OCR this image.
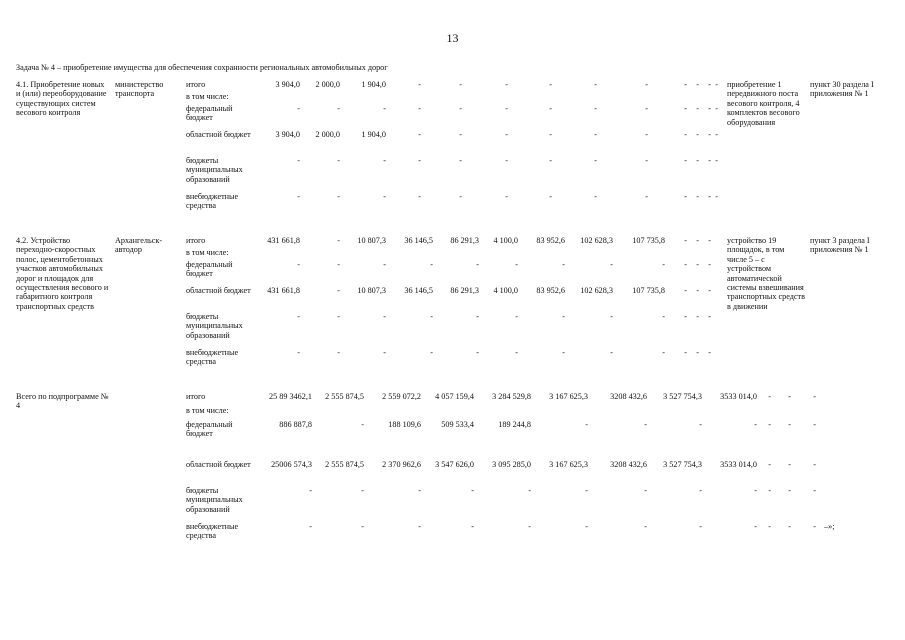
13
Задача № 4 – приобретение имущества для обеспечения сохранности региональных автомобильных дорог
4.1. Приобретение новых и (или) переоборудование существующих систем весового контроля
министерство транспорта
приобретение 1 передвижного поста весового контроля, 4 комплектов весового оборудования
пункт 30 раздела I приложения № 1
итого	3 904,0	2 000,0	1 904,0	-	-	-	-	-	-	-	-	- -
в том числе:
федеральный бюджет
-	-	-	-	-	-	-	-	-	-	-	- -
областной бюджет	3 904,0	2 000,0	1 904,0	-	-	-	-	-	-	-	-	- -
бюджеты муниципальных образований
-	-	-	-	-	-	-	-	-	-	-	- -
внебюджетные средства
-	-	-	-	-	-	-	-	-	-	-	- -
4.2. Устройство переходно-скоростных полос, цементобетонных участков автомобильных дорог и площадок для осуществления весового и габаритного контроля транспортных средств
Архангельск-автодор
устройство 19 площадок, в том числе 5 – с устройством автоматической системы взвешивания транспортных средств в движении
пункт 3 раздела I приложения № 1
итого	431 661,8	-	10 807,3	36 146,5	86 291,3	4 100,0	83 952,6	102 628,3	107 735,8	-	-	-
в том числе:
федеральный бюджет
-	-	-	-	-	-	-	-	-	-	-	-
областной бюджет	431 661,8	-	10 807,3	36 146,5	86 291,3	4 100,0	83 952,6	102 628,3	107 735,8	-	-	-
бюджеты муниципальных образований
-	-	-	-	-	-	-	-	-	-	-	-
внебюджетные средства
-	-	-	-	-	-	-	-	-	-	-	-
Всего по подпрограмме № 4
итого	25 89 3462,1	2 555 874,5	2 559 072,2	4 057 159,4	3 284 529,8	3 167 625,3	3208 432,6	3 527 754,3	3533 014,0	-	-	-
в том числе:
федеральный бюджет
886 887,8	-	188 109,6	509 533,4	189 244,8	-	-	-	-	-	-	-
областной бюджет	25006 574,3	2 555 874,5	2 370 962,6	3 547 626,0	3 095 285,0	3 167 625,3	3208 432,6	3 527 754,3	3533 014,0	-	-	-
бюджеты муниципальных образований
-	-	-	-	-	-	-	-	-	-	-	-
внебюджетные средства
-	-	-	-	-	-	-	-	-	-	-	- –»;
